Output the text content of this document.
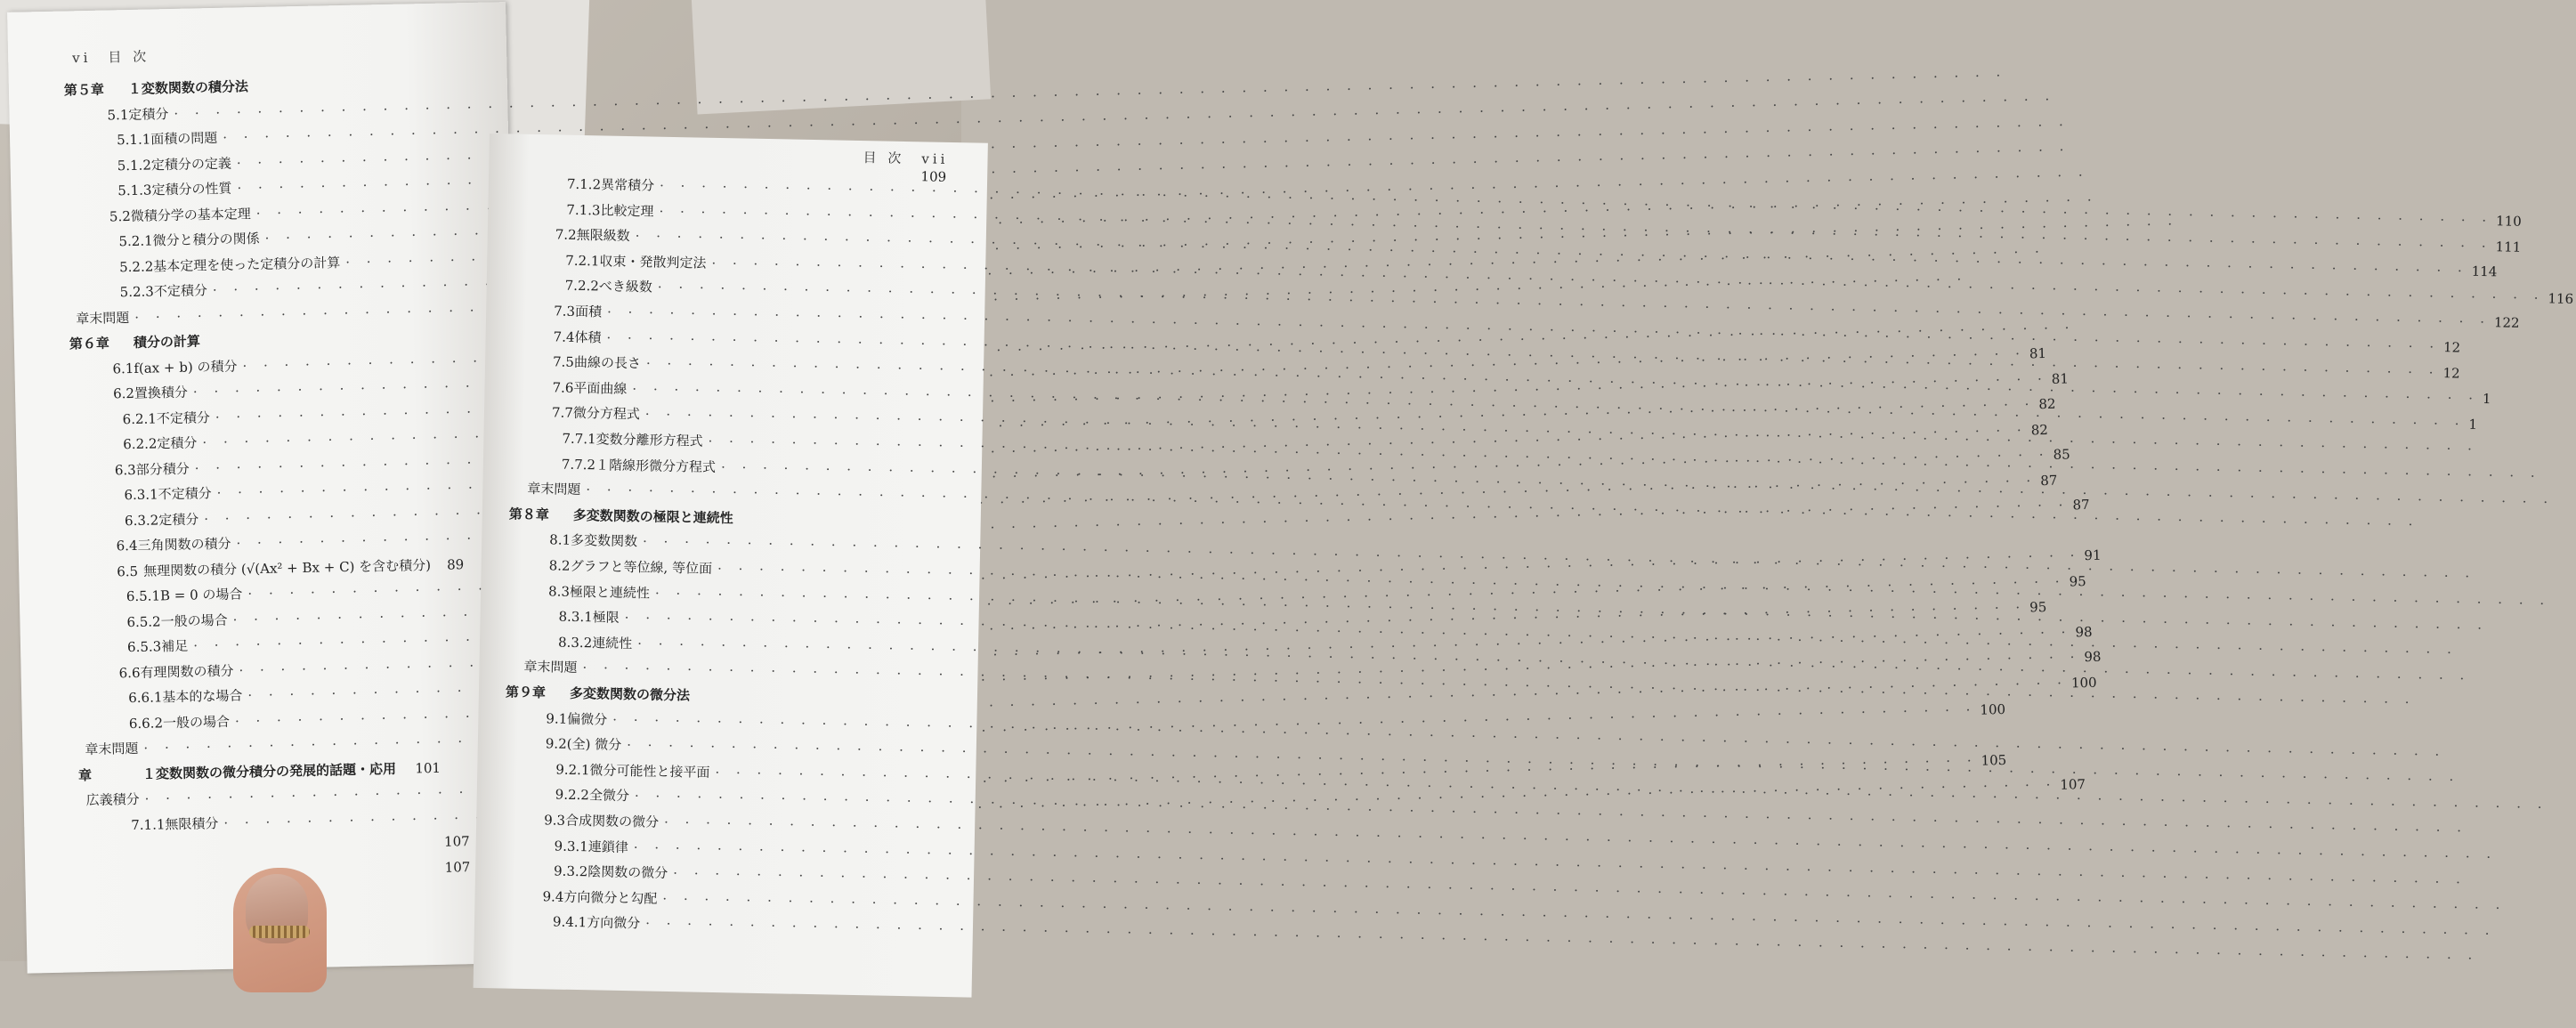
vi　目 次
第５章	１変数関数の積分法
5.1 定積分
· · ·
5.1.1 面積の問題
· · ·
5.1.2 定積分の定義
· · ·
5.1.3 定積分の性質
· · ·
5.2 微積分学の基本定理
· · ·
5.2.1 微分と積分の関係
· · ·
5.2.2 基本定理を使った定積分の計算
· · ·
5.2.3 不定積分
· · ·
章末問題
· · ·
第６章	積分の計算
6.1 f(ax + b) の積分
· · ·
6.2 置換積分
· · ·
81
6.2.1 不定積分
· · ·
81
6.2.2 定積分
· · ·
82
6.3 部分積分
· · ·
82
6.3.1 不定積分
· · ·
85
6.3.2 定積分
· · ·
87
6.4 三角関数の積分
· · ·
87
6.5 無理関数の積分 (√(Ax² + Bx + C) を含む積分)
· · ·	89
6.5.1 B = 0 の場合
· · ·
91
6.5.2 一般の場合
· · ·
95
6.5.3 補足
· · ·
95
6.6 有理関数の積分
· · ·
98
6.6.1 基本的な場合
· · ·
98
6.6.2 一般の場合
· · ·
100
章末問題
· · ·
100
章	１変数関数の微分積分の発展的話題・応用	101
広義積分
· · ·
105
7.1.1 無限積分
· · ·
107
107
107
目 次　vii
109
7.1.2 異常積分
· · ·
110
7.1.3 比較定理
· · ·
111
7.2 無限級数
· · ·
114
7.2.1 収束・発散判定法
· · ·
116
7.2.2 べき級数
· · ·
122
7.3 面積
· · ·
12
7.4 体積
· · ·
12
7.5 曲線の長さ
· · ·
1
7.6 平面曲線
· · ·
1
7.7 微分方程式
· · ·
7.7.1 変数分離形方程式
· · ·
7.7.2 １階線形微分方程式
· · ·
章末問題
· · ·
第８章	多変数関数の極限と連続性
8.1 多変数関数
· · ·
8.2 グラフと等位線, 等位面
· · ·
8.3 極限と連続性
· · ·
8.3.1 極限
· · ·
8.3.2 連続性
· · ·
章末問題
· · ·
第９章	多変数関数の微分法
9.1 偏微分
· · ·
9.2 (全) 微分
· · ·
9.2.1 微分可能性と接平面
· · ·
9.2.2 全微分
· · ·
9.3 合成関数の微分
· · ·
9.3.1 連鎖律
· · ·
9.3.2 陰関数の微分
· · ·
9.4 方向微分と勾配
· · ·
9.4.1 方向微分
· · ·
